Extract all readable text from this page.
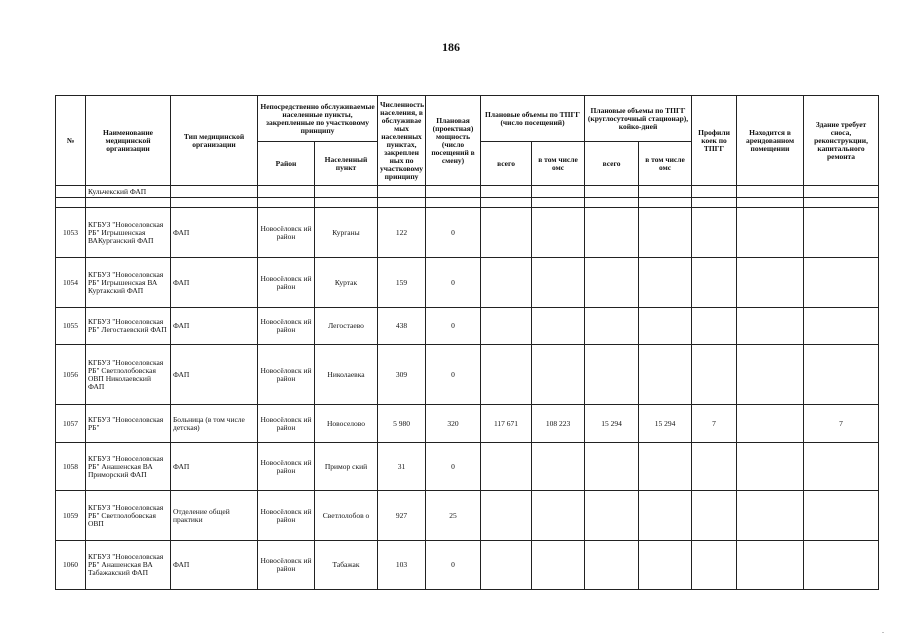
186
№	Наименование медицинской организации	Тип медицинской организации	Непосредственно обслуживаемые населенные пункты, закрепленные по участковому принципу		Численность населения, в обслуживае мых населенных пунктах, закреплен ных по участковому принципу	Плановая (проектная) мощность (число посещений в смену)	Плановые объемы по ТПГГ (число посещений)		Плановые объемы по ТПГГ (круглосуточный стационар), койко-дней		Профили коек по ТПГГ	Находится в арендованном помещении	Здание требует сноса, реконструкции, капитального ремонта
			Район	Населенный пункт			всего	в том числе омс	всего	в том числе омс			
	Кульчекский ФАП												

1053	КГБУЗ "Новоселовская РБ" Игрышенская ВАКурганский ФАП	ФАП	Новосёловск ий район	Курганы	122	0							
1054	КГБУЗ "Новоселовская РБ" Игрышенская ВА Куртакский ФАП	ФАП	Новосёловск ий район	Куртак	159	0							
1055	КГБУЗ "Новоселовская РБ" Легостаевский ФАП	ФАП	Новосёловск ий район	Легостаево	438	0							
1056	КГБУЗ "Новоселовская РБ" Светлолобовская ОВП Николаевский ФАП	ФАП	Новосёловск ий район	Николаевка	309	0							
1057	КГБУЗ "Новоселовская РБ"	Больница (в том числе детская)	Новосёловск ий район	Новоселово	5 980	320	117 671	108 223	15 294	15 294	7		7
1058	КГБУЗ "Новоселовская РБ" Анашенская ВА Приморский ФАП	ФАП	Новосёловск ий район	Примор ский	31	0							
1059	КГБУЗ "Новоселовская РБ" Светлолобовская ОВП	Отделение общей практики	Новосёловск ий район	Светлолобов о	927	25							
1060	КГБУЗ "Новоселовская РБ" Анашенская ВА Табажакский ФАП	ФАП	Новосёловск ий район	Табажак	103	0							
-
